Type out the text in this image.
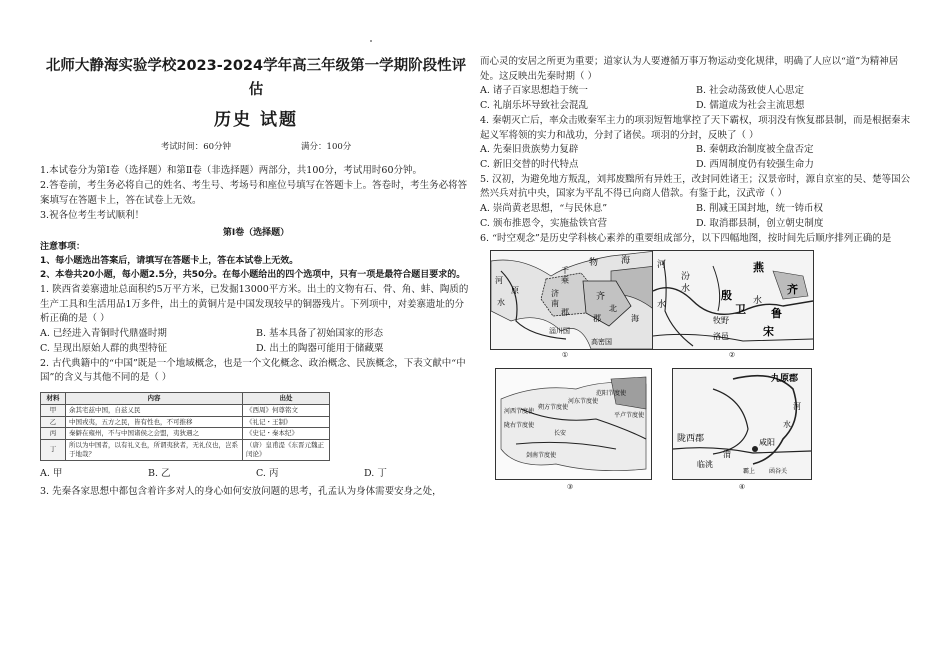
北师大静海实验学校2023-2024学年高三年级第一学期阶段性评
估
历史 试题
考试时间：60分钟	满分：100分

1.本试卷分为第Ⅰ卷（选择题）和第Ⅱ卷（非选择题）两部分，共100分，考试用时60分钟。

2.答卷前，考生务必将自己的姓名、考生号、考场号和座位号填写在答题卡上。答卷时，考生务必将答案填写在答题卡上，答在试卷上无效。

3.祝各位考生考试顺利！

第Ⅰ卷（选择题）

注意事项：

1、每小题选出答案后，请填写在答题卡上，答在本试卷上无效。

2、本卷共20小题，每小题2.5分，共50分。在每小题给出的四个选项中，只有一项是最符合题目要求的。

1. 陕西省姜寨遗址总面积约5万平方米，已发掘13000平方米。出土的文物有石、骨、角、蚌、陶质的生产工具和生活用品1万多件，出土的黄铜片是中国发现较早的铜器残片。下列项中，对姜寨遗址的分析正确的是（ ）

A. 已经进入青铜时代鼎盛时期	B. 基本具备了初始国家的形态
C. 呈现出原始人群的典型特征	D. 出土的陶器可能用于储藏粟

2. 古代典籍中的“中国”既是一个地域概念，也是一个文化概念、政治概念、民族概念，下表文献中“中国”的含义与其他不同的是（ ）

材料	内容	出处
甲	余其宅兹中国，自兹乂民	《西周》何尊铭文
乙	中国戎夷，五方之民，皆有性也，不可推移	《礼记・王制》
丙	秦僻在雍州，不与中国诸侯之会盟，夷狄遇之	《史记・秦本纪》
丁	所以为中国者，以有礼义也，所谓夷狄者，无礼仪也，岂系于地哉？	（唐）皇甫湜《东晋元魏正闰论》
A. 甲	B. 乙	C. 丙	D. 丁

3. 先秦各家思想中都包含着许多对人的身心如何安放问题的思考，孔孟认为身体需要安身之处，

而心灵的安居之所更为重要；道家认为人要遵循万事万物运动变化规律，明确了人应以“道”为精神居处。这反映出先秦时期（ ）

A. 诸子百家思想趋于统一	B. 社会动荡致使人心思定
C. 礼崩乐坏导致社会混乱	D. 儒道成为社会主流思想

4. 秦朝灭亡后，率众击败秦军主力的项羽短暂地掌控了天下霸权，项羽没有恢复郡县制，而是根据秦末起义军将领的实力和战功，分封了诸侯。项羽的分封，反映了（ ）

A. 先秦旧贵族势力复辟	B. 秦朝政治制度被全盘否定
C. 新旧交替的时代特点	D. 西周制度仍有较强生命力

5. 汉初，为避免地方叛乱，刘邦废黜所有异姓王，改封同姓诸王；汉景帝时，源自京室的吴、楚等国公然兴兵对抗中央，国家为平乱不得已向商人借款。有鉴于此，汉武帝（ ）

A. 崇尚黄老思想，“与民休息”	B. 削减王国封地，统一铸币权
C. 颁布推恩令，实施盐铁官营	D. 取消郡县制，创立朝史制度

6. “时空观念”是历史学科核心素养的重要组成部分，以下四幅地图，按时间先后顺序排列正确的是

海
物
河
原
水
千
乘
济
南
齐
北
海
郡
郡
淄川国
高密国
①
燕
河
汾
水	殷
卫
齐
鲁
宋
牧野
洛邑
水	水
②
河西节度使
陇右节度使
朔方节度使
河东节度使
范阳节度使
平卢节度使
剑南节度使
长安
③
九原郡
陇西郡	咸阳
临洮
河
水
渭
函谷关
霸上
④
